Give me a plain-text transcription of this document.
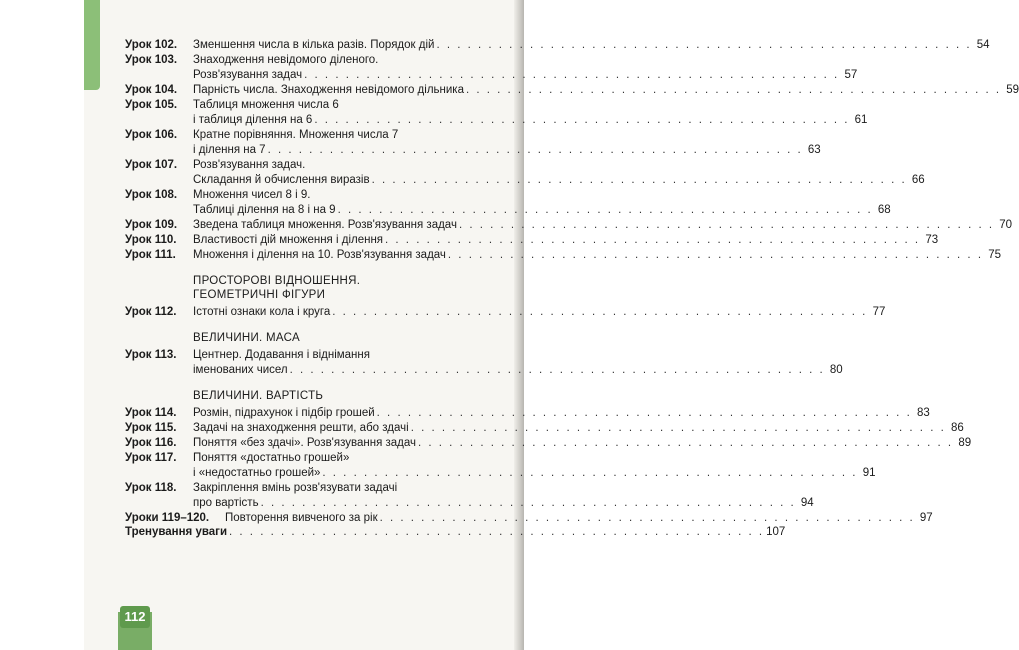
112
Урок 102.	Зменшення числа в кілька разів. Порядок дій . . . . . . . . . . . . . . . . . . . . . . . . . . . . . . . . . . . . . . . . . . . . . . . . . . . . 54
Урок 103.	Знаходження невідомого діленого.
Розв'язування задач . . . . . . . . . . . . . . . . . . . . . . . . . . . . . . . . . . . . . . . . . . . . . . . . . . . . 57
Урок 104.	Парність числа. Знаходження невідомого дільника . . . . . . . . . . . . . . . . . . . . . . . . . . . . . . . . . . . . . . . . . . . . . . . . . . . . 59
Урок 105.	Таблиця множення числа 6
і таблиця ділення на 6 . . . . . . . . . . . . . . . . . . . . . . . . . . . . . . . . . . . . . . . . . . . . . . . . . . . . 61
Урок 106.	Кратне порівняння. Множення числа 7
і ділення на 7 . . . . . . . . . . . . . . . . . . . . . . . . . . . . . . . . . . . . . . . . . . . . . . . . . . . . 63
Урок 107.	Розв'язування задач.
Складання й обчислення виразів . . . . . . . . . . . . . . . . . . . . . . . . . . . . . . . . . . . . . . . . . . . . . . . . . . . . 66
Урок 108.	Множення чисел 8 і 9.
Таблиці ділення на 8 і на 9 . . . . . . . . . . . . . . . . . . . . . . . . . . . . . . . . . . . . . . . . . . . . . . . . . . . . 68
Урок 109.	Зведена таблиця множення. Розв'язування задач . . . . . . . . . . . . . . . . . . . . . . . . . . . . . . . . . . . . . . . . . . . . . . . . . . . . 70
Урок 110.	Властивості дій множення і ділення . . . . . . . . . . . . . . . . . . . . . . . . . . . . . . . . . . . . . . . . . . . . . . . . . . . . 73
Урок 111.	Множення і ділення на 10. Розв'язування задач . . . . . . . . . . . . . . . . . . . . . . . . . . . . . . . . . . . . . . . . . . . . . . . . . . . . 75
ПРОСТОРОВІ ВІДНОШЕННЯ.
ГЕОМЕТРИЧНІ ФІГУРИ
Урок 112.	Істотні ознаки кола і круга . . . . . . . . . . . . . . . . . . . . . . . . . . . . . . . . . . . . . . . . . . . . . . . . . . . . 77
ВЕЛИЧИНИ. МАСА
Урок 113.	Центнер. Додавання і віднімання
іменованих чисел . . . . . . . . . . . . . . . . . . . . . . . . . . . . . . . . . . . . . . . . . . . . . . . . . . . . 80
ВЕЛИЧИНИ. ВАРТІСТЬ
Урок 114.	Розмін, підрахунок і підбір грошей . . . . . . . . . . . . . . . . . . . . . . . . . . . . . . . . . . . . . . . . . . . . . . . . . . . . 83
Урок 115.	Задачі на знаходження решти, або здачі . . . . . . . . . . . . . . . . . . . . . . . . . . . . . . . . . . . . . . . . . . . . . . . . . . . . 86
Урок 116.	Поняття «без здачі». Розв'язування задач . . . . . . . . . . . . . . . . . . . . . . . . . . . . . . . . . . . . . . . . . . . . . . . . . . . . 89
Урок 117.	Поняття «достатньо грошей»
і «недостатньо грошей» . . . . . . . . . . . . . . . . . . . . . . . . . . . . . . . . . . . . . . . . . . . . . . . . . . . . 91
Урок 118.	Закріплення вмінь розв'язувати задачі
про вартість . . . . . . . . . . . . . . . . . . . . . . . . . . . . . . . . . . . . . . . . . . . . . . . . . . . . 94
Уроки 119–120.	Повторення вивченого за рік . . . . . . . . . . . . . . . . . . . . . . . . . . . . . . . . . . . . . . . . . . . . . . . . . . . . 97
Тренування уваги . . . . . . . . . . . . . . . . . . . . . . . . . . . . . . . . . . . . . . . . . . . . . . . . . . . . 107
